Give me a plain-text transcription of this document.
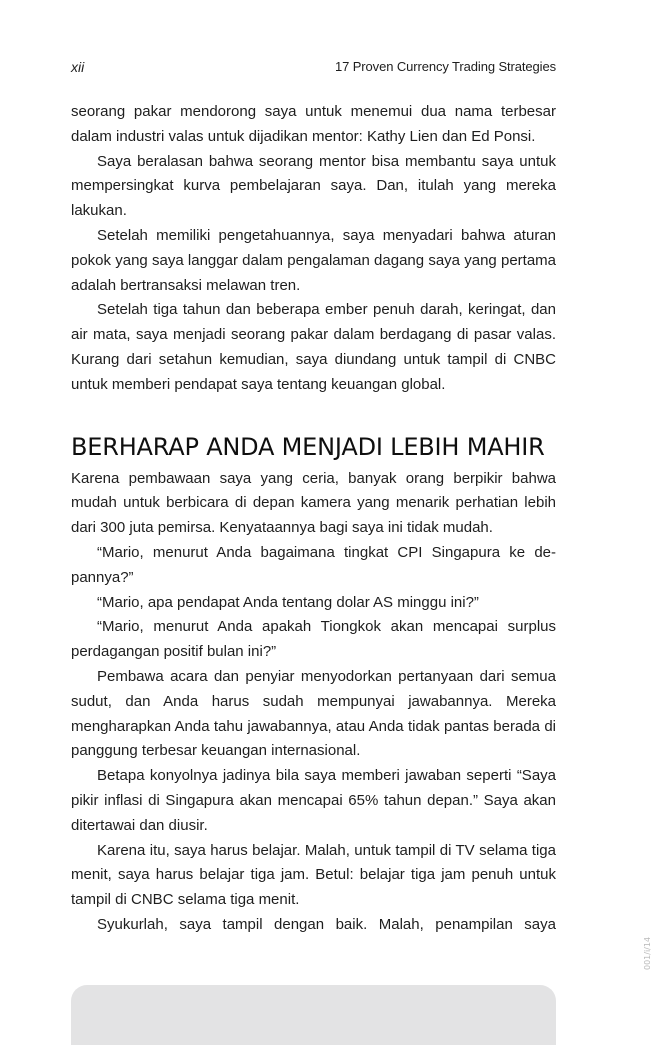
xii	17 Proven Currency Trading Strategies

seorang pakar mendorong saya untuk menemui dua nama terbesar dalam industri valas untuk dijadikan mentor: Kathy Lien dan Ed Ponsi.

Saya beralasan bahwa seorang mentor bisa membantu saya untuk mempersingkat kurva pembelajaran saya. Dan, itulah yang mereka lakukan.

Setelah memiliki pengetahuannya, saya menyadari bahwa aturan pokok yang saya langgar dalam pengalaman dagang saya yang pertama adalah bertransaksi melawan tren.

Setelah tiga tahun dan beberapa ember penuh darah, keringat, dan air mata, saya menjadi seorang pakar dalam berdagang di pasar valas. Kurang dari setahun kemudian, saya diundang untuk tampil di CNBC untuk memberi pendapat saya tentang keuangan global.

BERHARAP ANDA MENJADI LEBIH MAHIR

Karena pembawaan saya yang ceria, banyak orang berpikir bahwa mudah untuk berbicara di depan kamera yang menarik perhatian lebih dari 300 juta pemirsa. Kenyataannya bagi saya ini tidak mudah.

“Mario, menurut Anda bagaimana tingkat CPI Singapura ke depannya?”

“Mario, apa pendapat Anda tentang dolar AS minggu ini?”

“Mario, menurut Anda apakah Tiongkok akan mencapai surplus perdagangan positif bulan ini?”

Pembawa acara dan penyiar menyodorkan pertanyaan dari semua sudut, dan Anda harus sudah mempunyai jawabannya. Mereka mengharapkan Anda tahu jawabannya, atau Anda tidak pantas berada di panggung terbesar keuangan internasional.

Betapa konyolnya jadinya bila saya memberi jawaban seperti “Saya pikir inflasi di Singapura akan mencapai 65% tahun depan.” Saya akan ditertawai dan diusir.

Karena itu, saya harus belajar. Malah, untuk tampil di TV selama tiga menit, saya harus belajar tiga jam. Betul: belajar tiga jam penuh untuk tampil di CNBC selama tiga menit.

Syukurlah, saya tampil dengan baik. Malah, penampilan saya

001/i/14
